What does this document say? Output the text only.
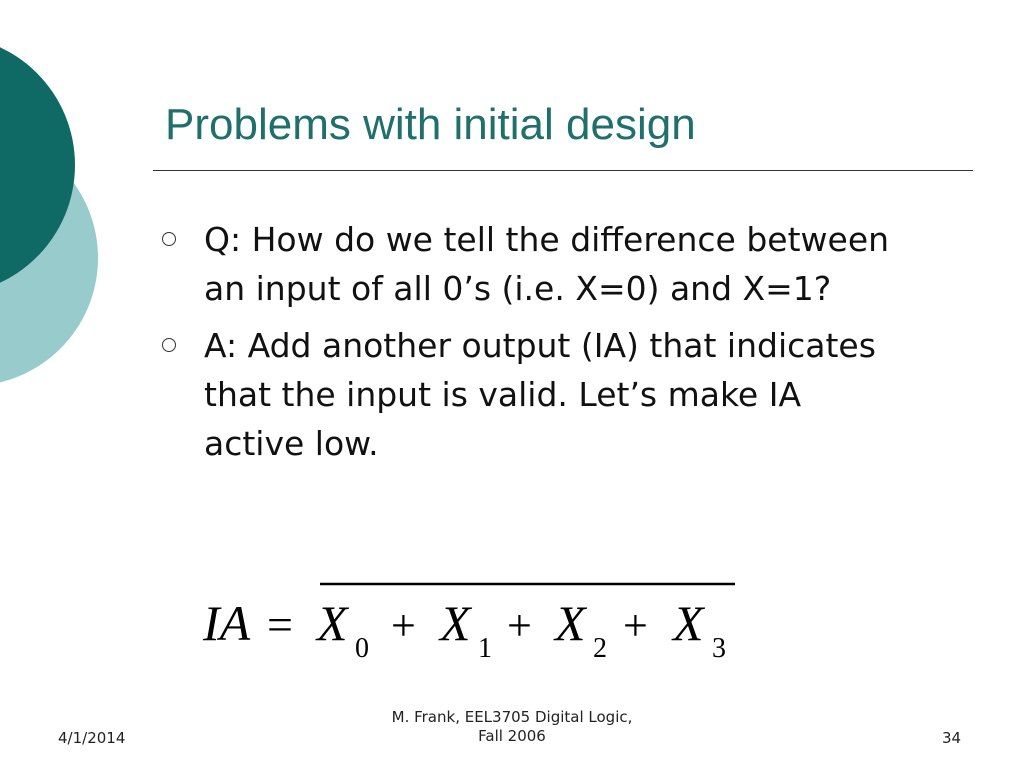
Problems with initial design
Q: How do we tell the difference between an input of all 0’s (i.e. X=0) and X=1?
A: Add another output (IA) that indicates that the input is valid. Let’s make IA active low.
IA = X 0 + X 1 + X 2 + X 3
4/1/2014
M. Frank, EEL3705 Digital Logic,
Fall 2006	34
